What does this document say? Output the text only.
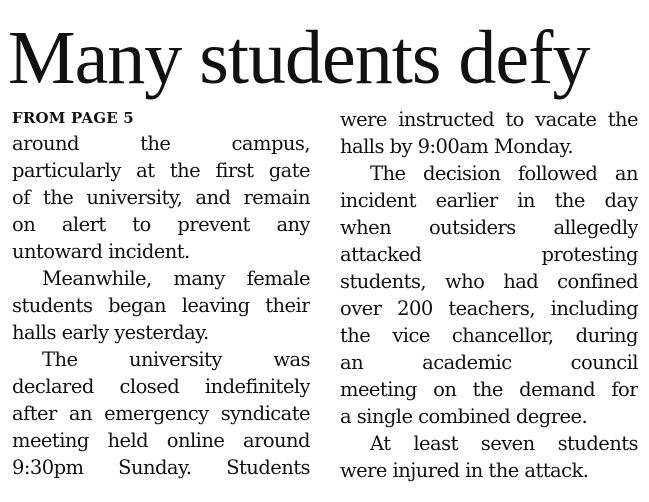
Many students defy
FROM PAGE 5
around the campus,
particularly at the first gate
of the university, and remain
on alert to prevent any
untoward incident.
Meanwhile, many female
students began leaving their
halls early yesterday.
The university was
declared closed indefinitely
after an emergency syndicate
meeting held online around
9:30pm Sunday. Students
were instructed to vacate the
halls by 9:00am Monday.
The decision followed an
incident earlier in the day
when outsiders allegedly
attacked protesting
students, who had confined
over 200 teachers, including
the vice chancellor, during
an academic council
meeting on the demand for
a single combined degree.
At least seven students
were injured in the attack.
